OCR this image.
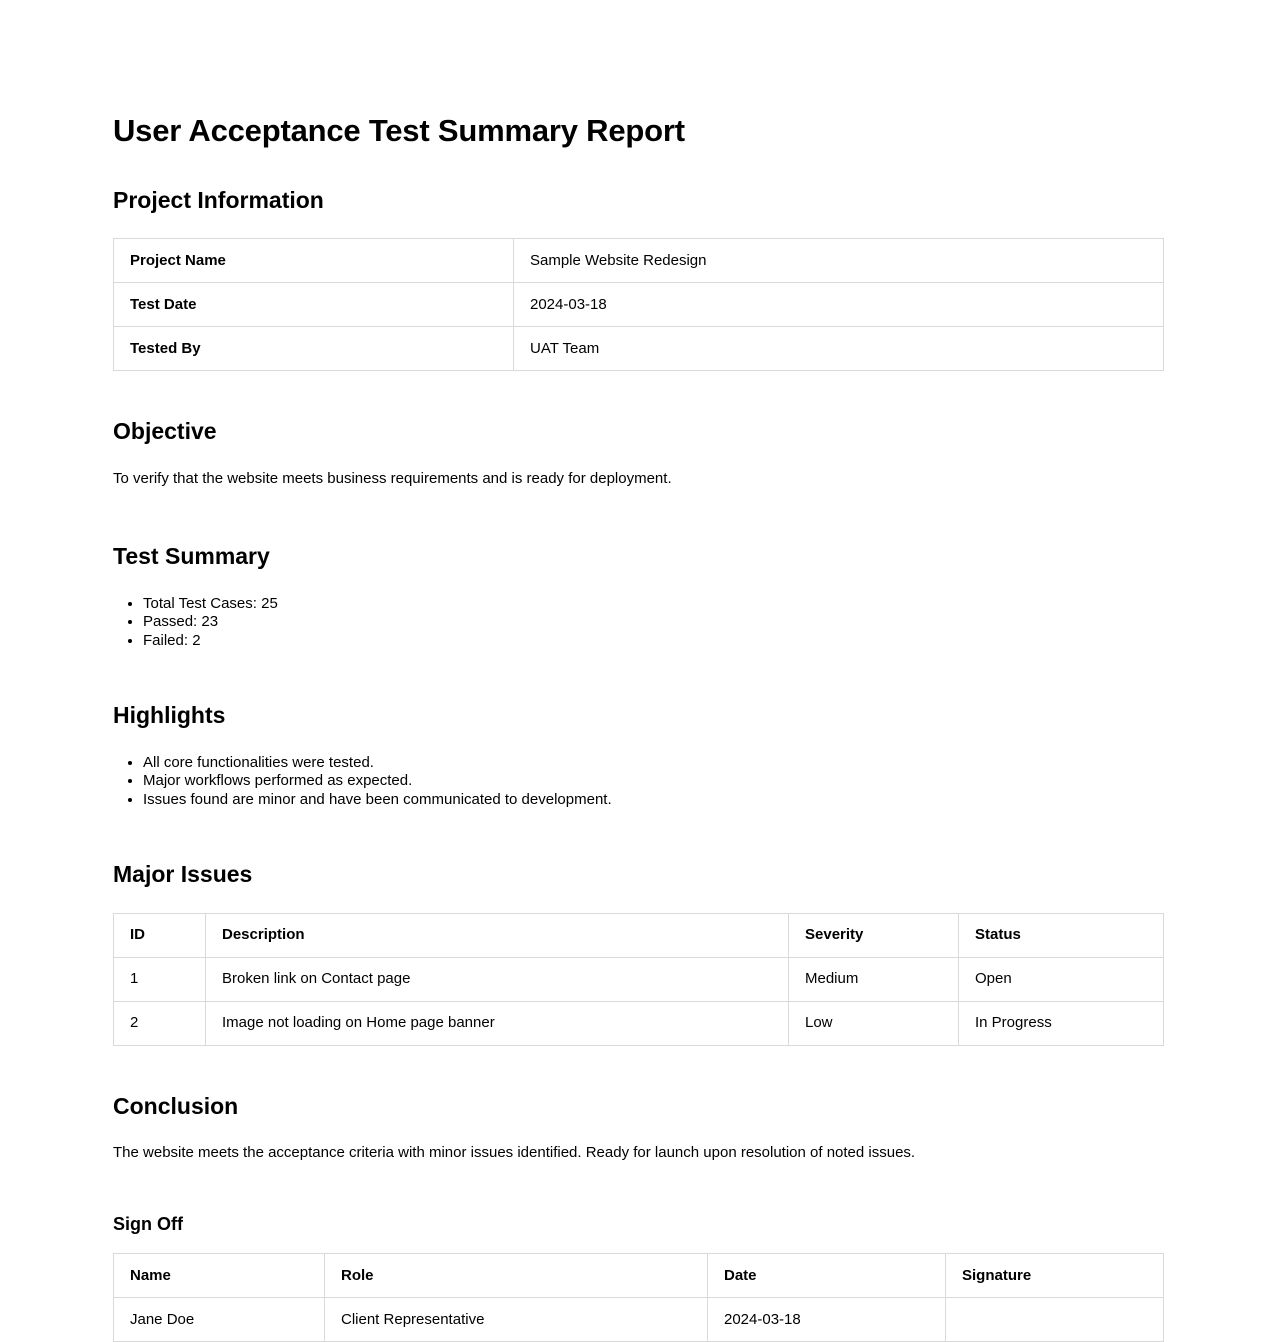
User Acceptance Test Summary Report
Project Information
Project Name	Sample Website Redesign
Test Date	2024-03-18
Tested By	UAT Team
Objective

To verify that the website meets business requirements and is ready for deployment.

Test Summary
• Total Test Cases: 25
• Passed: 23
• Failed: 2
Highlights
• All core functionalities were tested.
• Major workflows performed as expected.
• Issues found are minor and have been communicated to development.
Major Issues
ID	Description	Severity	Status
1	Broken link on Contact page	Medium	Open
2	Image not loading on Home page banner	Low	In Progress
Conclusion

The website meets the acceptance criteria with minor issues identified. Ready for launch upon resolution of noted issues.

Sign Off
Name	Role	Date	Signature
Jane Doe	Client Representative	2024-03-18	
